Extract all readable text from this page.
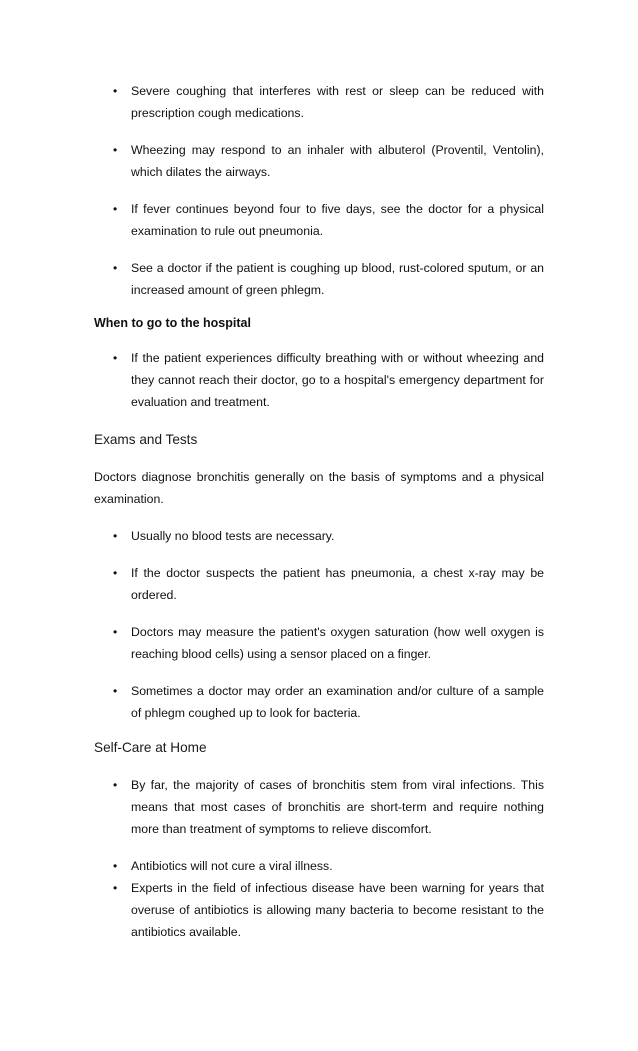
• Severe coughing that interferes with rest or sleep can be reduced with prescription cough medications.
• Wheezing may respond to an inhaler with albuterol (Proventil, Ventolin), which dilates the airways.
• If fever continues beyond four to five days, see the doctor for a physical examination to rule out pneumonia.
• See a doctor if the patient is coughing up blood, rust-colored sputum, or an increased amount of green phlegm.
When to go to the hospital
• If the patient experiences difficulty breathing with or without wheezing and they cannot reach their doctor, go to a hospital's emergency department for evaluation and treatment.
Exams and Tests
Doctors diagnose bronchitis generally on the basis of symptoms and a physical examination.
• Usually no blood tests are necessary.
• If the doctor suspects the patient has pneumonia, a chest x-ray may be ordered.
• Doctors may measure the patient's oxygen saturation (how well oxygen is reaching blood cells) using a sensor placed on a finger.
• Sometimes a doctor may order an examination and/or culture of a sample of phlegm coughed up to look for bacteria.
Self-Care at Home
• By far, the majority of cases of bronchitis stem from viral infections. This means that most cases of bronchitis are short-term and require nothing more than treatment of symptoms to relieve discomfort.
• Antibiotics will not cure a viral illness.
• Experts in the field of infectious disease have been warning for years that overuse of antibiotics is allowing many bacteria to become resistant to the antibiotics available.
